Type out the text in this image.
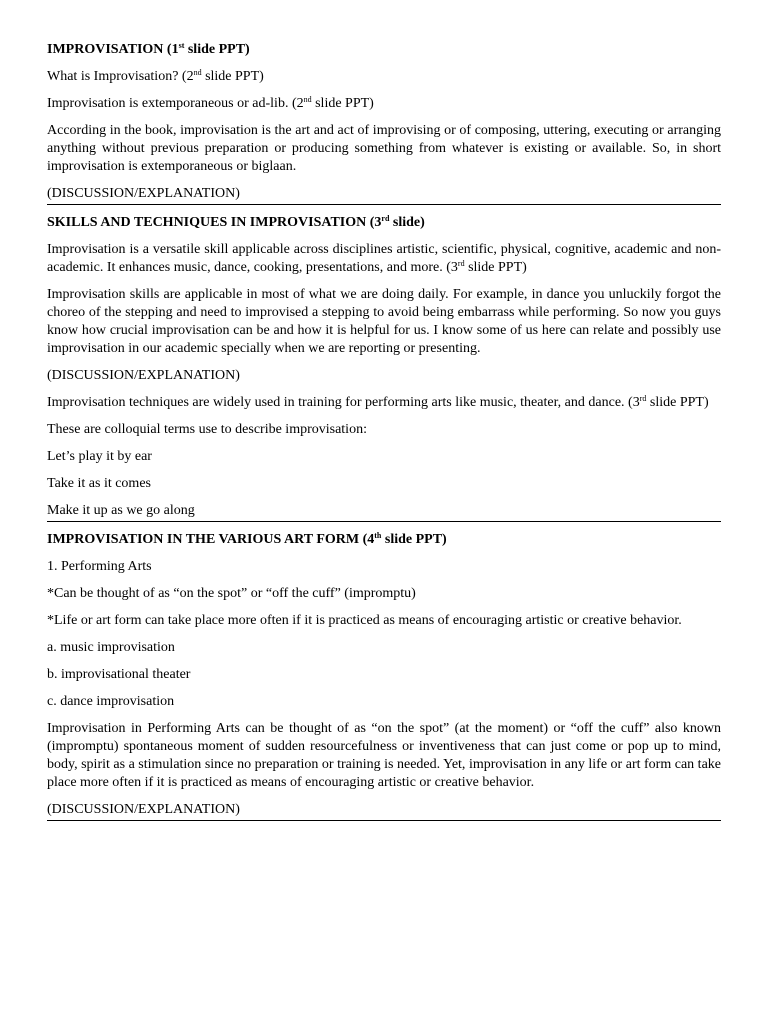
IMPROVISATION (1st slide PPT)

What is Improvisation? (2nd slide PPT)

Improvisation is extemporaneous or ad-lib. (2nd slide PPT)

According in the book, improvisation is the art and act of improvising or of composing, uttering, executing or arranging anything without previous preparation or producing something from whatever is existing or available. So, in short improvisation is extemporaneous or biglaan.

(DISCUSSION/EXPLANATION)

SKILLS AND TECHNIQUES IN IMPROVISATION (3rd slide)

Improvisation is a versatile skill applicable across disciplines artistic, scientific, physical, cognitive, academic and non-academic. It enhances music, dance, cooking, presentations, and more. (3rd slide PPT)

Improvisation skills are applicable in most of what we are doing daily. For example, in dance you unluckily forgot the choreo of the stepping and need to improvised a stepping to avoid being embarrass while performing. So now you guys know how crucial improvisation can be and how it is helpful for us. I know some of us here can relate and possibly use improvisation in our academic specially when we are reporting or presenting.

(DISCUSSION/EXPLANATION)

Improvisation techniques are widely used in training for performing arts like music, theater, and dance. (3rd slide PPT)

These are colloquial terms use to describe improvisation:

Let’s play it by ear

Take it as it comes

Make it up as we go along

IMPROVISATION IN THE VARIOUS ART FORM (4th slide PPT)

1. Performing Arts

*Can be thought of as “on the spot” or “off the cuff” (impromptu)

*Life or art form can take place more often if it is practiced as means of encouraging artistic or creative behavior.

a. music improvisation

b. improvisational theater

c. dance improvisation

Improvisation in Performing Arts can be thought of as “on the spot” (at the moment) or “off the cuff” also known (impromptu) spontaneous moment of sudden resourcefulness or inventiveness that can just come or pop up to mind, body, spirit as a stimulation since no preparation or training is needed. Yet, improvisation in any life or art form can take place more often if it is practiced as means of encouraging artistic or creative behavior.

(DISCUSSION/EXPLANATION)
